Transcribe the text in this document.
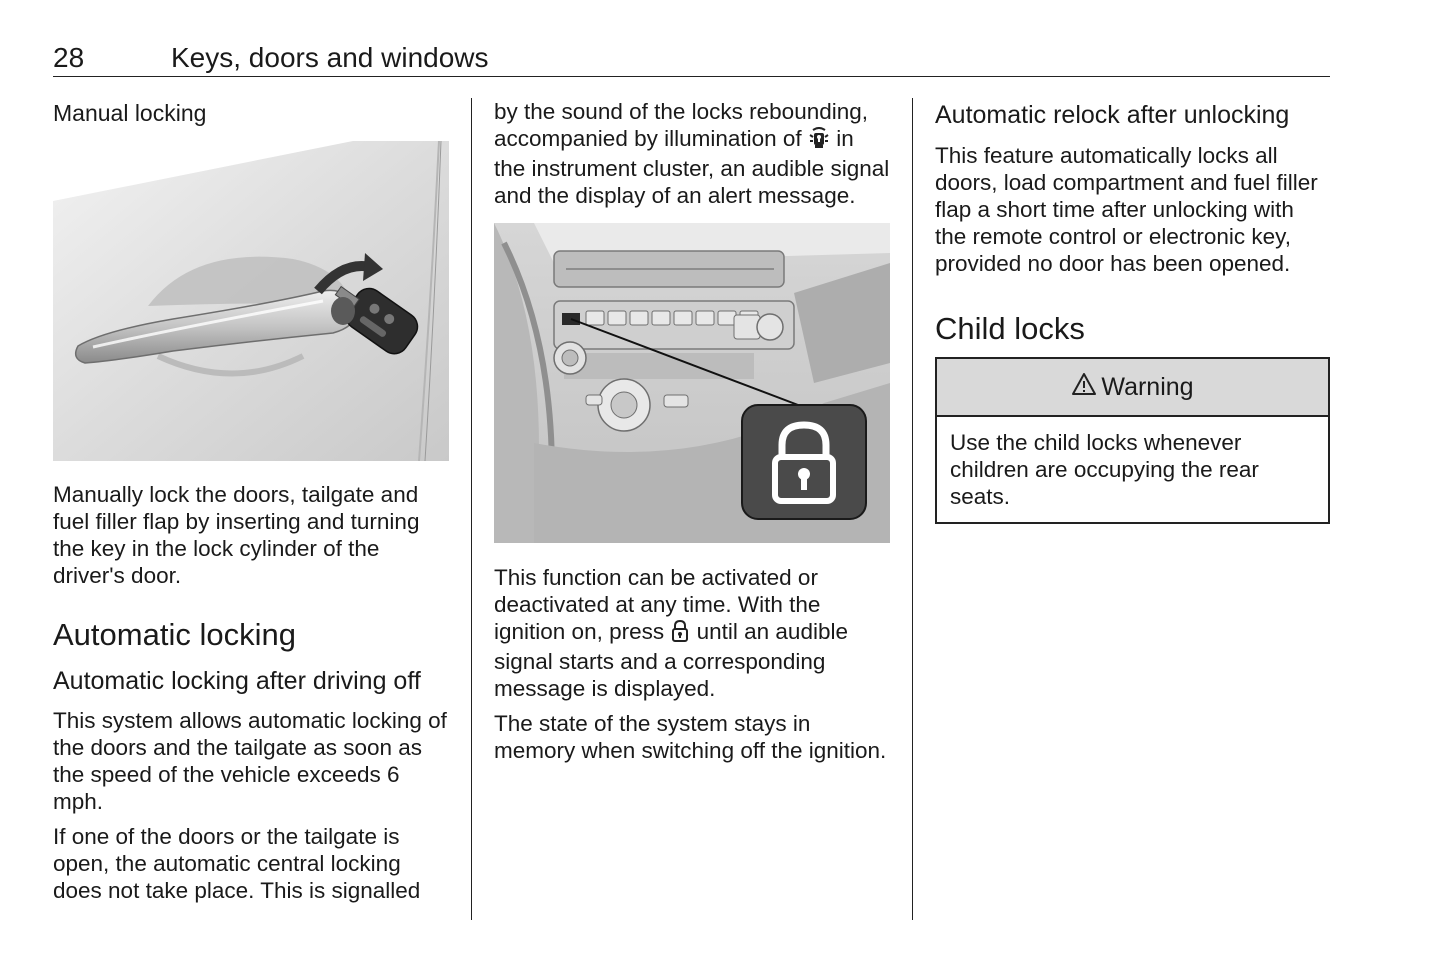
28	Keys, doors and windows
Manual locking

Manually lock the doors, tailgate and fuel filler flap by inserting and turning the key in the lock cylinder of the driver's door.

Automatic locking
Automatic locking after driving off

This system allows automatic locking of the doors and the tailgate as soon as the speed of the vehicle exceeds 6 mph.

If one of the doors or the tailgate is open, the automatic central locking does not take place. This is signalled

by the sound of the locks rebounding,
accompanied by illumination of  in
the instrument cluster, an audible signal and the display of an alert message.

This function can be activated or deactivated at any time. With the ignition on, press  until an audible signal starts and a corresponding message is displayed.

The state of the system stays in memory when switching off the ignition.

Automatic relock after unlocking

This feature automatically locks all doors, load compartment and fuel filler flap a short time after unlocking with the remote control or electronic key, provided no door has been opened.

Child locks
Warning

Use the child locks whenever children are occupying the rear seats.
